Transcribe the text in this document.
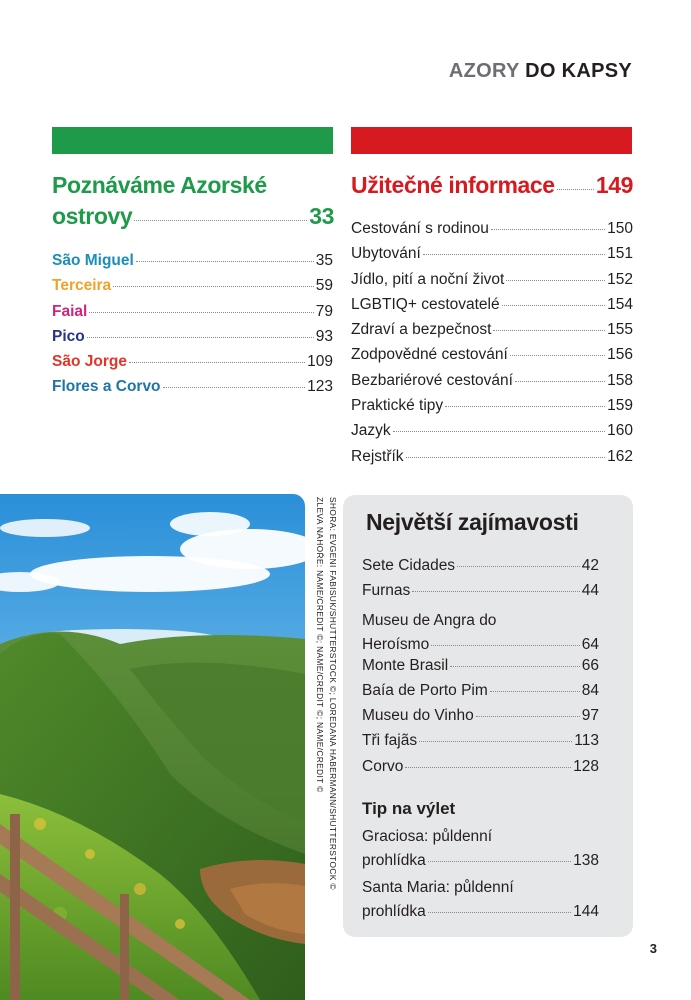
AZORY DO KAPSY
Poznáváme Azorské
ostrovy	33
São Miguel	35
Terceira	59
Faial	79
Pico	93
São Jorge	109
Flores a Corvo	123
Užitečné informace 149
Cestování s rodinou	150
Ubytování	151
Jídlo, pití a noční život	152
LGBTIQ+ cestovatelé	154
Zdraví a bezpečnost	155
Zodpovědné cestování	156
Bezbariérové cestování	158
Praktické tipy	159
Jazyk	160
Rejstřík	162
SHORA: EVGENI FABISUK/SHUTTERSTOCK ©; LOREDANA HABERMANN/SHUTTERSTOCK ©
ZLEVA NAHOŘE: NAME/CREDIT ©; NAME/CREDIT ©; NAME/CREDIT © Největší zajímavosti
Sete Cidades	42
Furnas	44
Museu de Angra do
Heroísmo	64
Monte Brasil	66
Baía de Porto Pim	84
Museu do Vinho	97
Tři fajãs	113
Corvo	128
Tip na výlet
Graciosa: půldenní
prohlídka	138
Santa Maria: půldenní
prohlídka	144
3
